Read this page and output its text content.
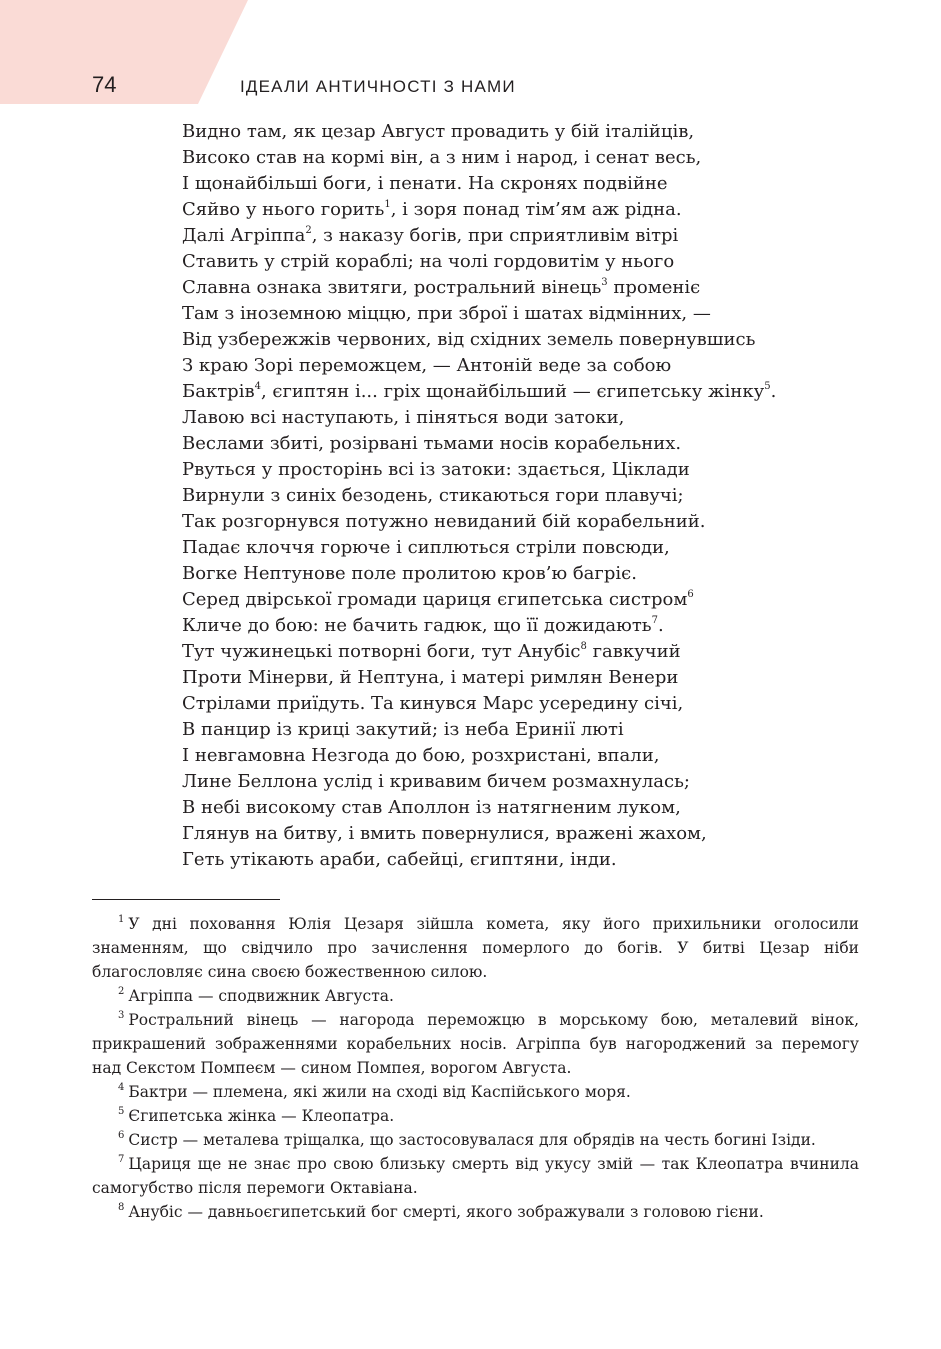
74	ІДЕАЛИ АНТИЧНОСТІ З НАМИ
Видно там, як цезар Август провадить у бій італійців,
Високо став на кормі він, а з ним і народ, і сенат весь,
І щонайбільші боги, і пенати. На скронях подвійне
Сяйво у нього горить$^1$, і зоря понад тім’ям аж рідна.
Далі Агріппа$^2$, з наказу богів, при сприятливім вітрі
Ставить у стрій кораблі; на чолі гордовитім у нього
Славна ознака звитяги, ростральний вінець$^3$ променіє
Там з іноземною міццю, при зброї і шатах відмінних, —
Від узбережжів червоних, від східних земель повернувшись
З краю Зорі переможцем, — Антоній веде за собою
Бактрів$^4$, єгиптян і... гріх щонайбільший — єгипетську жінку$^5$.
Лавою всі наступають, і піняться води затоки,
Веслами збиті, розірвані тьмами носів корабельних.
Рвуться у просторінь всі із затоки: здається, Ціклади
Вирнули з синіх безодень, стикаються гори плавучі;
Так розгорнувся потужно невиданий бій корабельний.
Падає клоччя горюче і сиплються стріли повсюди,
Вогке Нептунове поле пролитою кров’ю багріє.
Серед двірської громади цариця єгипетська систром$^6$
Кличе до бою: не бачить гадюк, що її дожидають$^7$.
Тут чужинецькі потворні боги, тут Анубіс$^8$ гавкучий
Проти Мінерви, й Нептуна, і матері римлян Венери
Стрілами приїдуть. Та кинувся Марс усередину січі,
В панцир із криці закутий; із неба Еринії люті
І невгамовна Незгода до бою, розхристані, впали,
Лине Беллона услід і кривавим бичем розмахнулась;
В небі високому став Аполлон із натягненим луком,
Глянув на битву, і вмить повернулися, вражені жахом,
Геть утікають араби, сабейці, єгиптяни, інди.
$^1$ У дні поховання Юлія Цезаря зійшла комета, яку його прихильники оголосили знаменням, що свідчило про зачислення померлого до богів. У битві Цезар ніби благословляє сина своєю божественною силою.
$^2$ Агріппа — сподвижник Августа.
$^3$ Ростральний вінець — нагорода переможцю в морському бою, металевий вінок, прикрашений зображеннями корабельних носів. Агріппа був нагороджений за перемогу над Секстом Помпеєм — сином Помпея, ворогом Августа.
$^4$ Бактри — племена, які жили на сході від Каспійського моря.
$^5$ Єгипетська жінка — Клеопатра.
$^6$ Систр — металева тріщалка, що застосовувалася для обрядів на честь богині Ізіди.
$^7$ Цариця ще не знає про свою близьку смерть від укусу змій — так Клеопатра вчинила самогубство після перемоги Октавіана.
$^8$ Анубіс — давньоєгипетський бог смерті, якого зображували з головою гієни.
